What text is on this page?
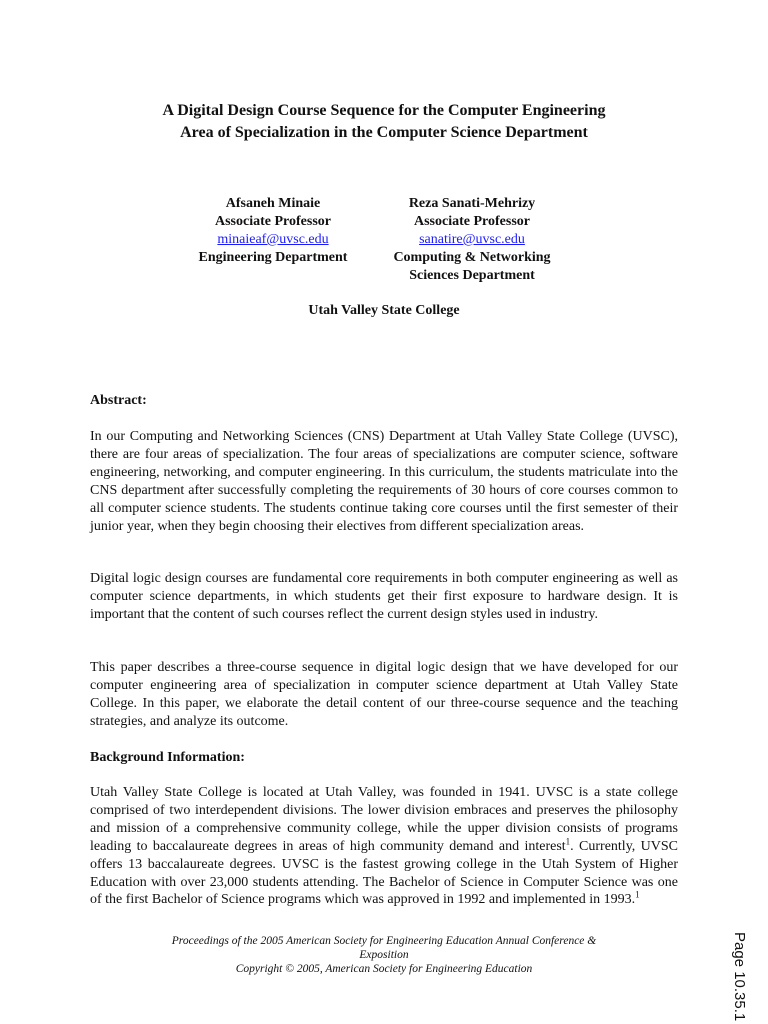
A Digital Design Course Sequence for the Computer Engineering
Area of Specialization in the Computer Science Department
Afsaneh Minaie
Associate Professor
minaieaf@uvsc.edu
Engineering Department
Reza Sanati-Mehrizy
Associate Professor
sanatire@uvsc.edu
Computing & Networking
Sciences Department
Utah Valley State College
Abstract:

In our Computing and Networking Sciences (CNS) Department at Utah Valley State College (UVSC), there are four areas of specialization. The four areas of specializations are computer science, software engineering, networking, and computer engineering. In this curriculum, the students matriculate into the CNS department after successfully completing the requirements of 30 hours of core courses common to all computer science students. The students continue taking core courses until the first semester of their junior year, when they begin choosing their electives from different specialization areas.

Digital logic design courses are fundamental core requirements in both computer engineering as well as computer science departments, in which students get their first exposure to hardware design. It is important that the content of such courses reflect the current design styles used in industry.

This paper describes a three-course sequence in digital logic design that we have developed for our computer engineering area of specialization in computer science department at Utah Valley State College. In this paper, we elaborate the detail content of our three-course sequence and the teaching strategies, and analyze its outcome.

Background Information:

Utah Valley State College is located at Utah Valley, was founded in 1941. UVSC is a state college comprised of two interdependent divisions. The lower division embraces and preserves the philosophy and mission of a comprehensive community college, while the upper division consists of programs leading to baccalaureate degrees in areas of high community demand and interest$^1$. Currently, UVSC offers 13 baccalaureate degrees. UVSC is the fastest growing college in the Utah System of Higher Education with over 23,000 students attending. The Bachelor of Science in Computer Science was one of the first Bachelor of Science programs which was approved in 1992 and implemented in 1993.$^1$

Proceedings of the 2005 American Society for Engineering Education Annual Conference &
Exposition
Copyright © 2005, American Society for Engineering Education	Page 10.35.1
